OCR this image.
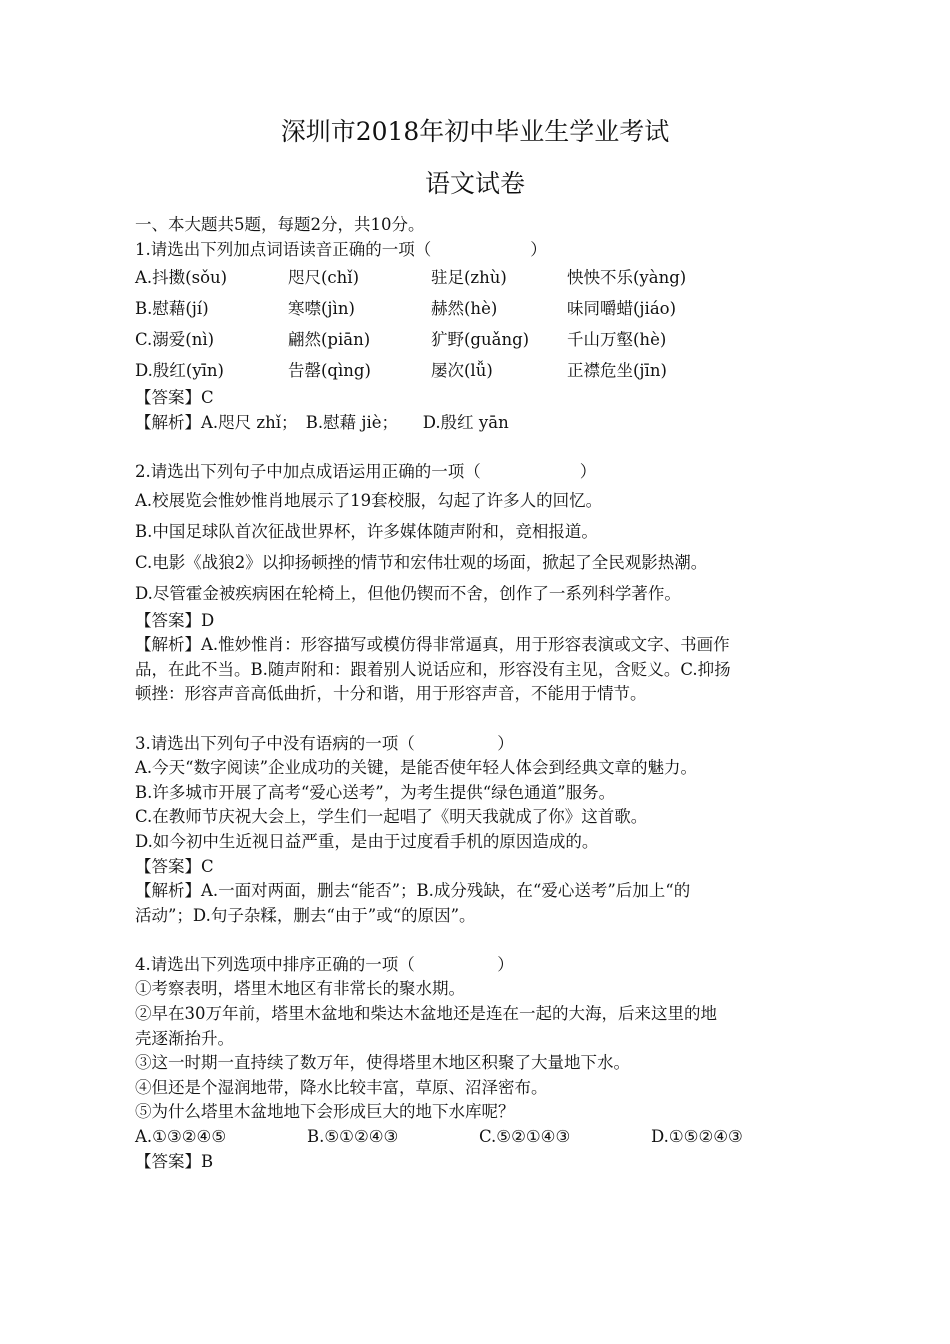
深圳市2018年初中毕业生学业考试
语文试卷
一、本大题共5题，每题2分，共10分。
1.请选出下列加点词语读音正确的一项（　　　　　　）
A.抖擞(sǒu)	咫尺(chǐ)	驻足(zhù)	怏怏不乐(yàng)
B.慰藉(jí)	寒噤(jìn)	赫然(hè)	味同嚼蜡(jiáo)
C.溺爱(nì)	翩然(piān)	犷野(guǎng) 千山万壑(hè)
D.殷红(yīn)	告罄(qìng)	屡次(lǚ)	正襟危坐(jīn)
【答案】C
【解析】A.咫尺 zhǐ；　B.慰藉 jiè；　　D.殷红 yān
2.请选出下列句子中加点成语运用正确的一项（　　　　　　）
A.校展览会惟妙惟肖地展示了19套校服，勾起了许多人的回忆。
B.中国足球队首次征战世界杯，许多媒体随声附和，竞相报道。
C.电影《战狼2》以抑扬顿挫的情节和宏伟壮观的场面，掀起了全民观影热潮。
D.尽管霍金被疾病困在轮椅上，但他仍锲而不舍，创作了一系列科学著作。
【答案】D
【解析】A.惟妙惟肖：形容描写或模仿得非常逼真，用于形容表演或文字、书画作
品，在此不当。B.随声附和：跟着别人说话应和，形容没有主见，含贬义。C.抑扬
顿挫：形容声音高低曲折，十分和谐，用于形容声音，不能用于情节。
3.请选出下列句子中没有语病的一项（　　　　　）
A.今天“数字阅读”企业成功的关键，是能否使年轻人体会到经典文章的魅力。
B.许多城市开展了高考“爱心送考”，为考生提供“绿色通道”服务。
C.在教师节庆祝大会上，学生们一起唱了《明天我就成了你》这首歌。
D.如今初中生近视日益严重，是由于过度看手机的原因造成的。
【答案】C
【解析】A.一面对两面，删去“能否”；B.成分残缺，在“爱心送考”后加上“的
活动”；D.句子杂糅，删去“由于”或“的原因”。
4.请选出下列选项中排序正确的一项（　　　　　）
①考察表明，塔里木地区有非常长的聚水期。
②早在30万年前，塔里木盆地和柴达木盆地还是连在一起的大海，后来这里的地
壳逐渐抬升。
③这一时期一直持续了数万年，使得塔里木地区积聚了大量地下水。
④但还是个湿润地带，降水比较丰富，草原、沼泽密布。
⑤为什么塔里木盆地地下会形成巨大的地下水库呢？
A.①③②④⑤	B.⑤①②④③	C.⑤②①④③	D.①⑤②④③
【答案】B
